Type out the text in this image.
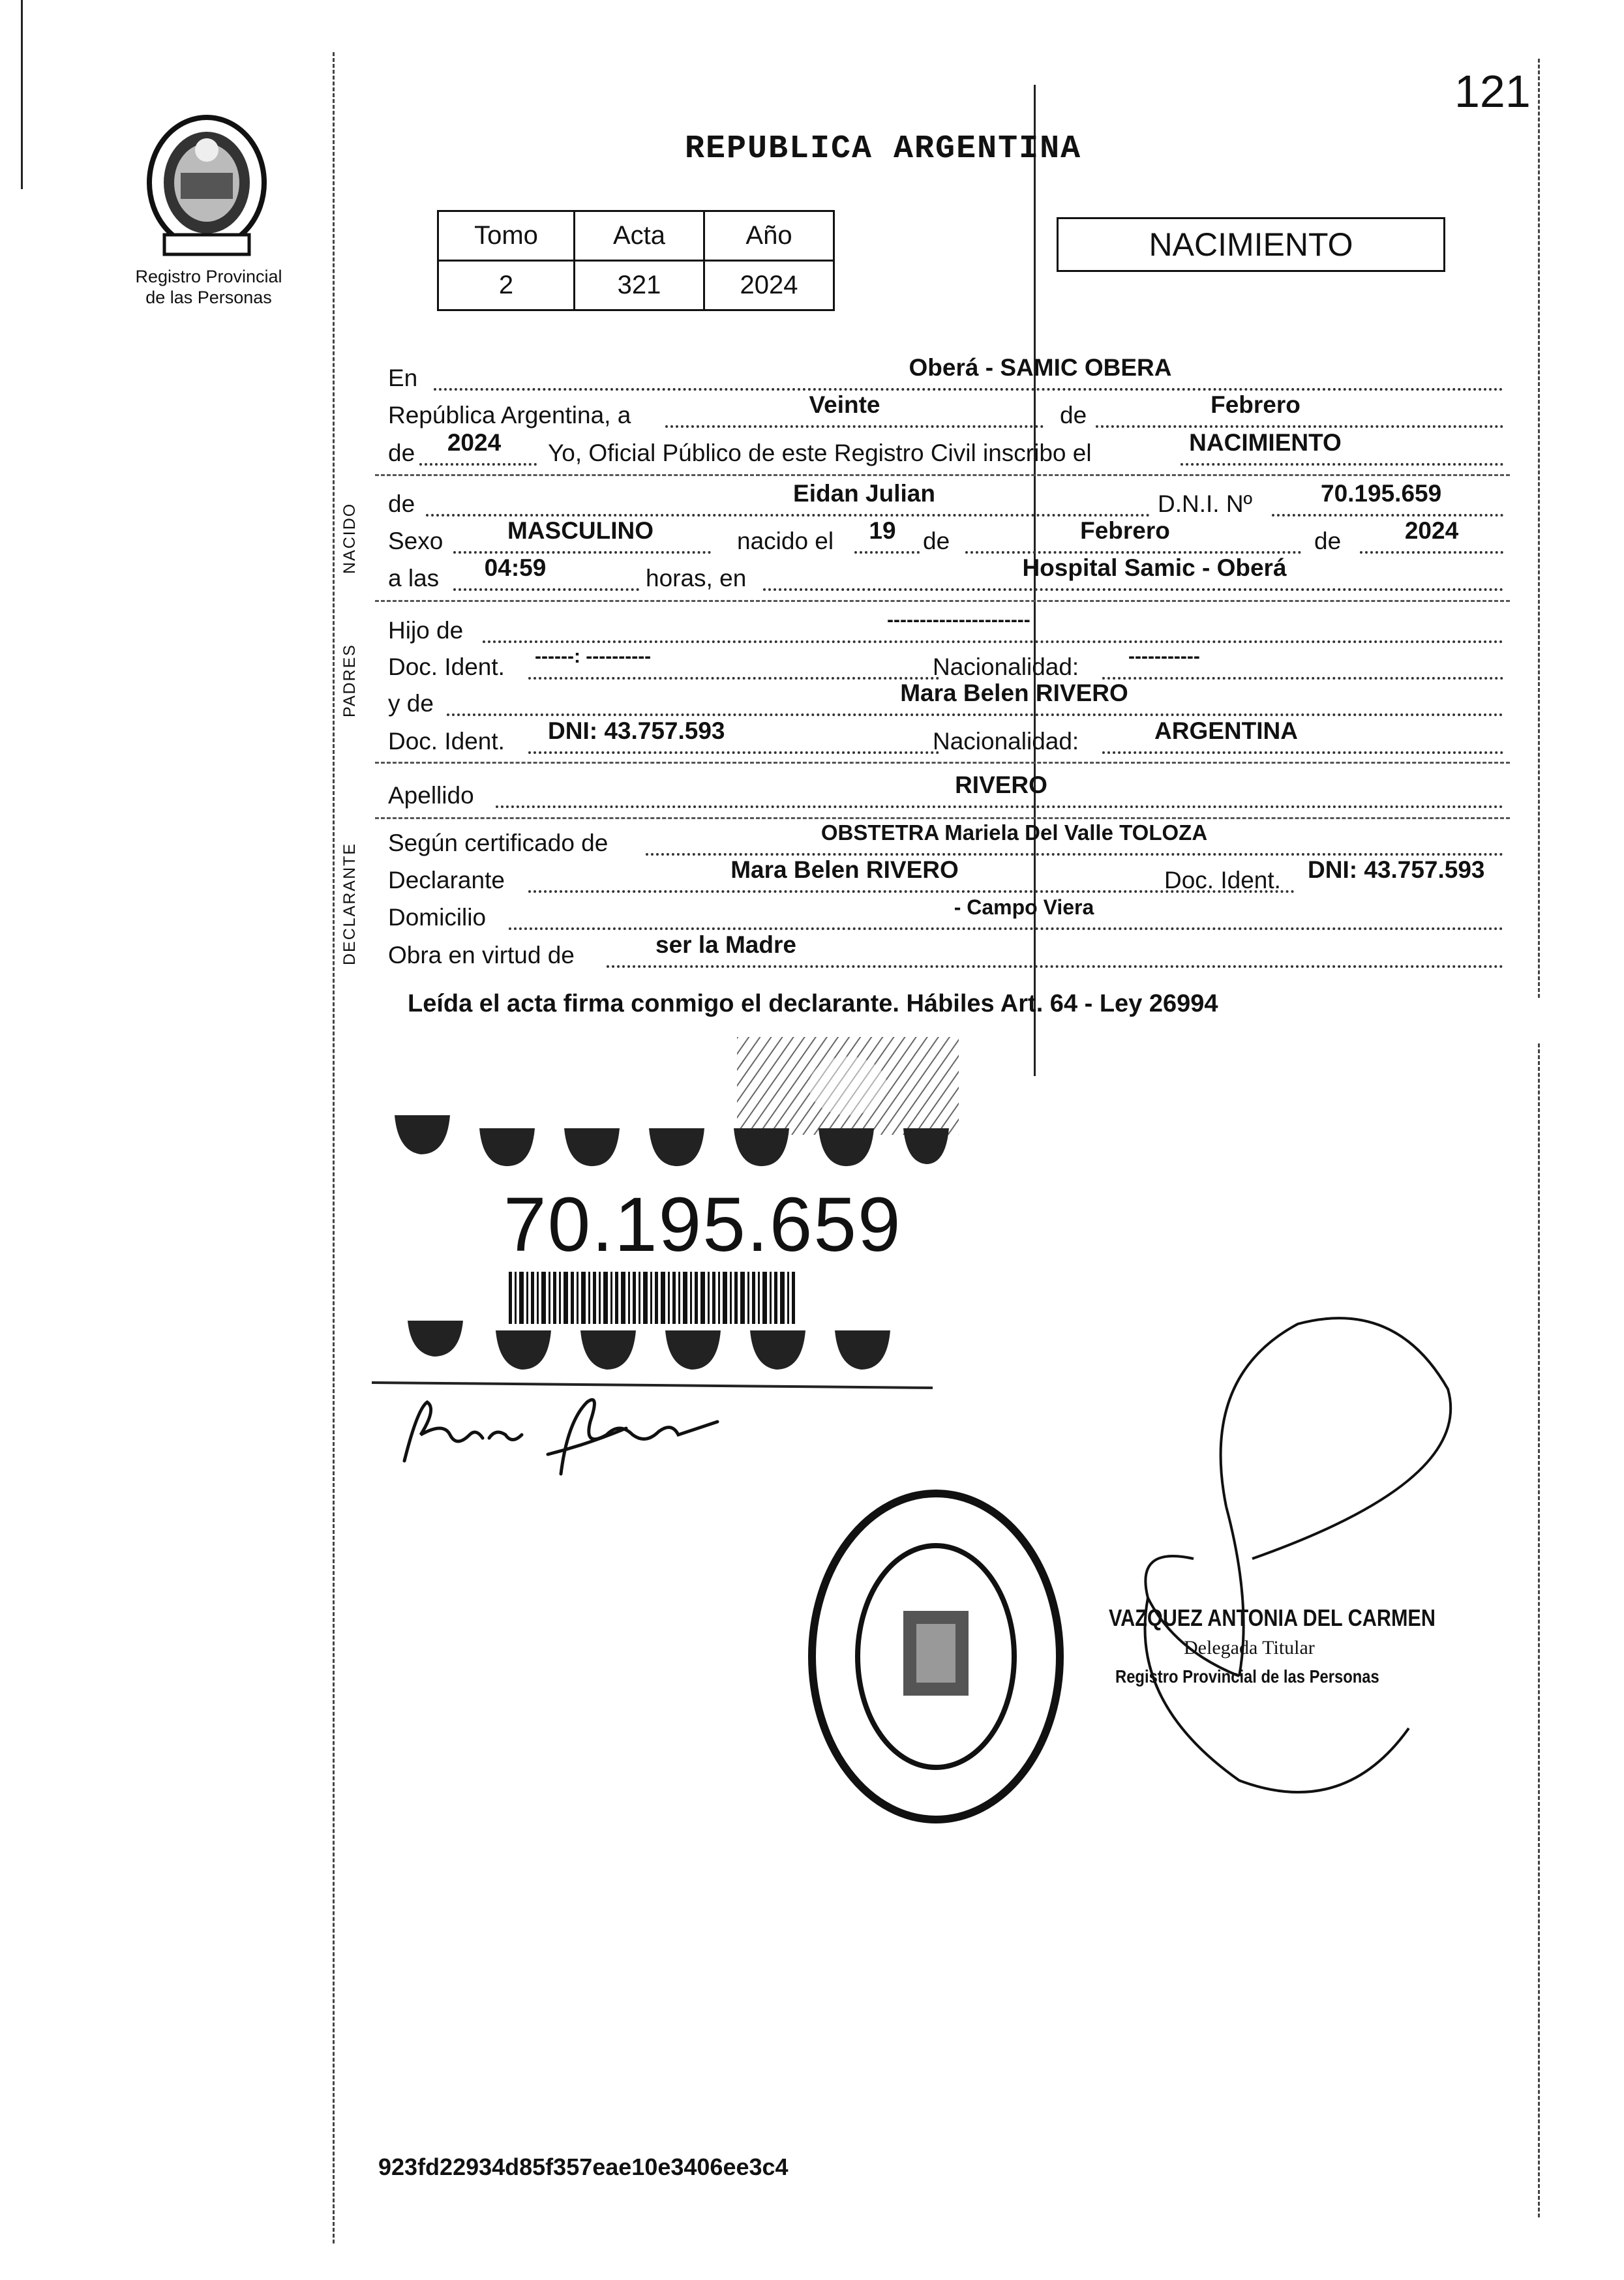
Registro Provincial
de las Personas
121
REPUBLICA ARGENTINA
Tomo	Acta	Año
2	321	2024
NACIMIENTO
En	Oberá - SAMIC OBERA
República Argentina, a	Veinte	de	Febrero
de 2024 Yo, Oficial Público de este Registro Civil inscribo el	NACIMIENTO
NACIDO de	Eidan Julian	D.N.I. Nº	70.195.659
Sexo	MASCULINO	nacido el 19 de	Febrero	de	2024
a las 04:59	horas, en	Hospital Samic - Oberá
PADRES
Hijo de	----------------------
Doc. Ident. ------: ----------	Nacionalidad:	-----------
y de	Mara Belen RIVERO
Doc. Ident. DNI: 43.757.593	Nacionalidad:	ARGENTINA
Apellido	RIVERO
DECLARANTE Según certificado de	OBSTETRA Mariela Del Valle TOLOZA
Declarante	Mara Belen RIVERO	Doc. Ident. DNI: 43.757.593
Domicilio	- Campo Viera
Obra en virtud de	ser la Madre
Leída el acta firma conmigo el declarante. Hábiles Art. 64 - Ley 26994
70.195.659
VAZQUEZ ANTONIA DEL CARMEN
Delegada Titular
Registro Provincial de las Personas
923fd22934d85f357eae10e3406ee3c4
